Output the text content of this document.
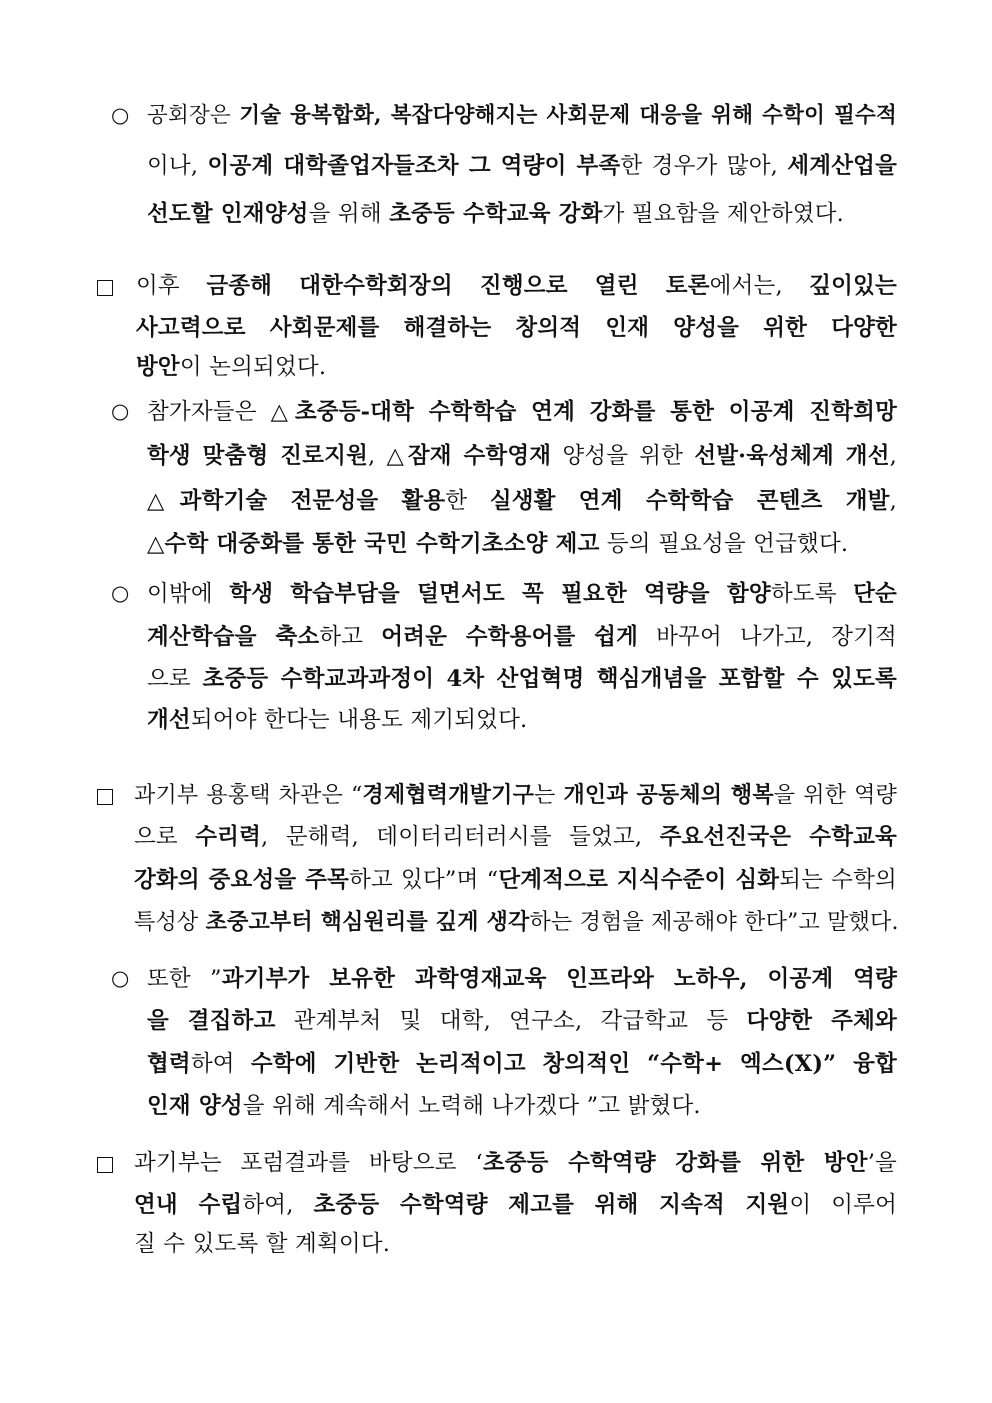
○ 공회장은 기술 융복합화, 복잡다양해지는 사회문제 대응을 위해 수학이 필수적
이나, 이공계 대학졸업자들조차 그 역량이 부족한 경우가 많아, 세계산업을
선도할 인재양성을 위해 초중등 수학교육 강화가 필요함을 제안하였다.
이후 금종해 대한수학회장의 진행으로 열린 토론에서는, 깊이있는
사고력으로 사회문제를 해결하는 창의적 인재 양성을 위한 다양한
방안이 논의되었다.
○ 참가자들은 △초중등-대학 수학학습 연계 강화를 통한 이공계 진학희망
학생 맞춤형 진로지원, △잠재 수학영재 양성을 위한 선발·육성체계 개선,
△과학기술 전문성을 활용한 실생활 연계 수학학습 콘텐츠 개발,
△수학 대중화를 통한 국민 수학기초소양 제고 등의 필요성을 언급했다.
○ 이밖에 학생 학습부담을 덜면서도 꼭 필요한 역량을 함양하도록 단순
계산학습을 축소하고 어려운 수학용어를 쉽게 바꾸어 나가고, 장기적
으로 초중등 수학교과과정이 4차 산업혁명 핵심개념을 포함할 수 있도록
개선되어야 한다는 내용도 제기되었다.
과기부 용홍택 차관은 “경제협력개발기구는 개인과 공동체의 행복을 위한 역량
으로 수리력, 문해력, 데이터리터러시를 들었고, 주요선진국은 수학교육
강화의 중요성을 주목하고 있다”며 “단계적으로 지식수준이 심화되는 수학의
특성상 초중고부터 핵심원리를 깊게 생각하는 경험을 제공해야 한다”고 말했다.
○ 또한 ”과기부가 보유한 과학영재교육 인프라와 노하우, 이공계 역량
을 결집하고 관계부처 및 대학, 연구소, 각급학교 등 다양한 주체와
협력하여 수학에 기반한 논리적이고 창의적인 “수학+ 엑스(X)” 융합
인재 양성을 위해 계속해서 노력해 나가겠다 ”고 밝혔다.
과기부는 포럼결과를 바탕으로 ‘초중등 수학역량 강화를 위한 방안’을
연내 수립하여, 초중등 수학역량 제고를 위해 지속적 지원이 이루어
질 수 있도록 할 계획이다.
